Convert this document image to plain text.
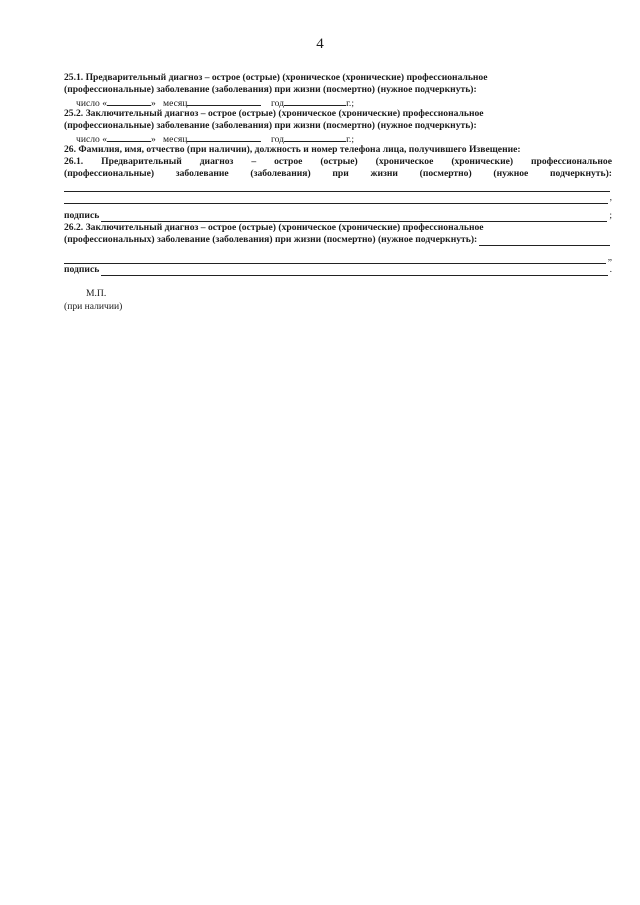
4
25.1. Предварительный диагноз – острое (острые) (хроническое (хронические) профессиональное
(профессиональные) заболевание (заболевания) при жизни (посмертно) (нужное подчеркнуть):
число «	» месяц	год	г.;
25.2. Заключительный диагноз – острое (острые) (хроническое (хронические) профессиональное
(профессиональные) заболевание (заболевания) при жизни (посмертно) (нужное подчеркнуть):
число «	» месяц	год	г.;
26. Фамилия, имя, отчество (при наличии), должность и номер телефона лица, получившего Извещение:
26.1. Предварительный диагноз – острое (острые) (хроническое (хронические) профессиональное
(профессиональные) заболевание (заболевания) при жизни (посмертно) (нужное подчеркнуть):
,
подпись	;
26.2. Заключительный диагноз – острое (острые) (хроническое (хронические) профессиональное
(профессиональных) заболевание (заболевания) при жизни (посмертно) (нужное подчеркнуть):
„
подпись	.
М.П.
(при наличии)
